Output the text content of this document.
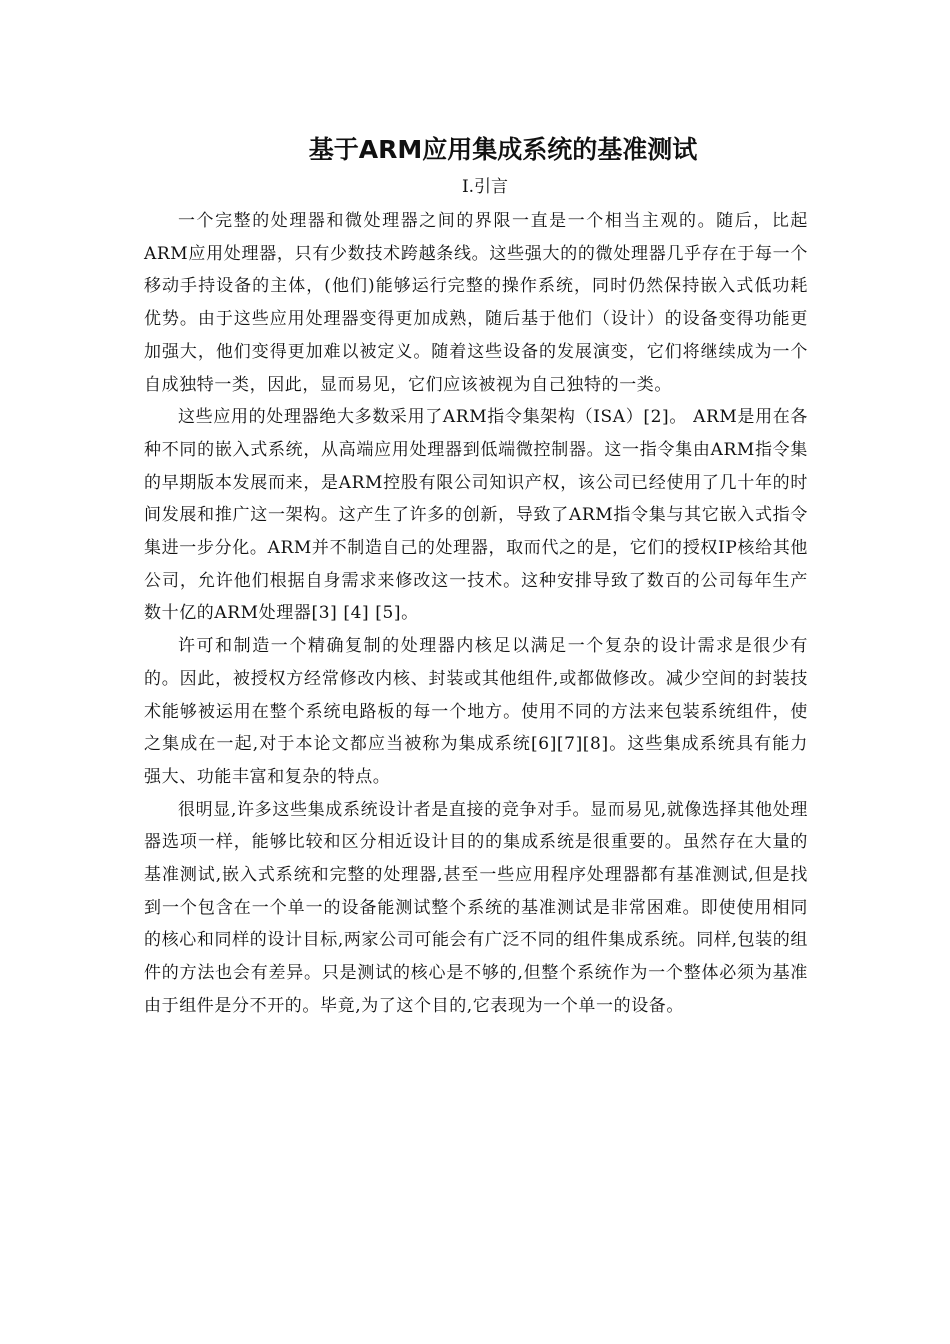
基于ARM应用集成系统的基准测试
I.引言

一个完整的处理器和微处理器之间的界限一直是一个相当主观的。随后，比起ARM应用处理器，只有少数技术跨越条线。这些强大的的微处理器几乎存在于每一个移动手持设备的主体，(他们)能够运行完整的操作系统，同时仍然保持嵌入式低功耗优势。由于这些应用处理器变得更加成熟，随后基于他们（设计）的设备变得功能更加强大，他们变得更加难以被定义。随着这些设备的发展演变，它们将继续成为一个自成独特一类，因此，显而易见，它们应该被视为自己独特的一类。

这些应用的处理器绝大多数采用了ARM指令集架构（ISA）[2]。 ARM是用在各种不同的嵌入式系统，从高端应用处理器到低端微控制器。这一指令集由ARM指令集的早期版本发展而来，是ARM控股有限公司知识产权，该公司已经使用了几十年的时间发展和推广这一架构。这产生了许多的创新，导致了ARM指令集与其它嵌入式指令集进一步分化。ARM并不制造自己的处理器，取而代之的是，它们的授权IP核给其他公司，允许他们根据自身需求来修改这一技术。这种安排导致了数百的公司每年生产数十亿的ARM处理器[3] [4] [5]。

许可和制造一个精确复制的处理器内核足以满足一个复杂的设计需求是很少有的。因此，被授权方经常修改内核、封装或其他组件,或都做修改。减少空间的封装技术能够被运用在整个系统电路板的每一个地方。使用不同的方法来包装系统组件，使之集成在一起,对于本论文都应当被称为集成系统[6][7][8]。这些集成系统具有能力强大、功能丰富和复杂的特点。

很明显,许多这些集成系统设计者是直接的竞争对手。显而易见,就像选择其他处理器选项一样，能够比较和区分相近设计目的的集成系统是很重要的。虽然存在大量的基准测试,嵌入式系统和完整的处理器,甚至一些应用程序处理器都有基准测试,但是找到一个包含在一个单一的设备能测试整个系统的基准测试是非常困难。即使使用相同的核心和同样的设计目标,两家公司可能会有广泛不同的组件集成系统。同样,包装的组件的方法也会有差异。只是测试的核心是不够的,但整个系统作为一个整体必须为基准由于组件是分不开的。毕竟,为了这个目的,它表现为一个单一的设备。
